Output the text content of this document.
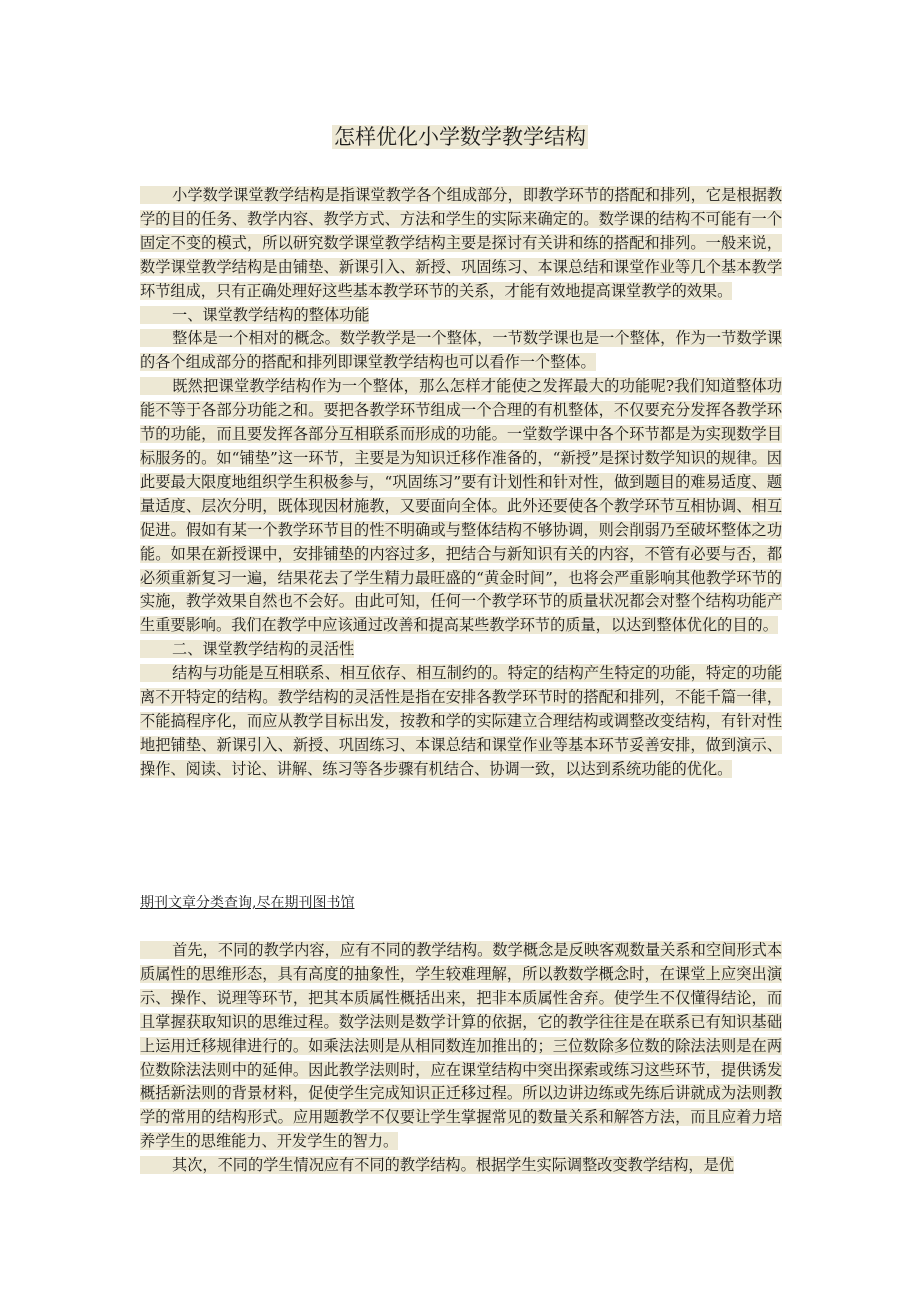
怎样优化小学数学教学结构

小学数学课堂教学结构是指课堂教学各个组成部分，即教学环节的搭配和排列，它是根据教学的目的任务、教学内容、教学方式、方法和学生的实际来确定的。数学课的结构不可能有一个固定不变的模式，所以研究数学课堂教学结构主要是探讨有关讲和练的搭配和排列。一般来说，数学课堂教学结构是由铺垫、新课引入、新授、巩固练习、本课总结和课堂作业等几个基本教学环节组成，只有正确处理好这些基本教学环节的关系，才能有效地提高课堂教学的效果。

一、课堂教学结构的整体功能

整体是一个相对的概念。数学教学是一个整体，一节数学课也是一个整体，作为一节数学课的各个组成部分的搭配和排列即课堂教学结构也可以看作一个整体。

既然把课堂教学结构作为一个整体，那么怎样才能使之发挥最大的功能呢?我们知道整体功能不等于各部分功能之和。要把各教学环节组成一个合理的有机整体，不仅要充分发挥各教学环节的功能，而且要发挥各部分互相联系而形成的功能。一堂数学课中各个环节都是为实现数学目标服务的。如“铺垫”这一环节，主要是为知识迁移作准备的，“新授”是探讨数学知识的规律。因此要最大限度地组织学生积极参与，“巩固练习”要有计划性和针对性，做到题目的难易适度、题量适度、层次分明，既体现因材施教，又要面向全体。此外还要使各个教学环节互相协调、相互促进。假如有某一个教学环节目的性不明确或与整体结构不够协调，则会削弱乃至破坏整体之功能。如果在新授课中，安排铺垫的内容过多，把结合与新知识有关的内容，不管有必要与否，都必须重新复习一遍，结果花去了学生精力最旺盛的“黄金时间”，也将会严重影响其他教学环节的实施，教学效果自然也不会好。由此可知，任何一个教学环节的质量状况都会对整个结构功能产生重要影响。我们在教学中应该通过改善和提高某些教学环节的质量，以达到整体优化的目的。

二、课堂教学结构的灵活性

结构与功能是互相联系、相互依存、相互制约的。特定的结构产生特定的功能，特定的功能离不开特定的结构。教学结构的灵活性是指在安排各教学环节时的搭配和排列，不能千篇一律，不能搞程序化，而应从教学目标出发，按教和学的实际建立合理结构或调整改变结构，有针对性地把铺垫、新课引入、新授、巩固练习、本课总结和课堂作业等基本环节妥善安排，做到演示、操作、阅读、讨论、讲解、练习等各步骤有机结合、协调一致，以达到系统功能的优化。

期刊文章分类查询,尽在期刊图书馆

首先，不同的教学内容，应有不同的教学结构。数学概念是反映客观数量关系和空间形式本质属性的思维形态，具有高度的抽象性，学生较难理解，所以教数学概念时，在课堂上应突出演示、操作、说理等环节，把其本质属性概括出来，把非本质属性舍弃。使学生不仅懂得结论，而且掌握获取知识的思维过程。数学法则是数学计算的依据，它的教学往往是在联系已有知识基础上运用迁移规律进行的。如乘法法则是从相同数连加推出的；三位数除多位数的除法法则是在两位数除法法则中的延伸。因此教学法则时，应在课堂结构中突出探索或练习这些环节，提供诱发概括新法则的背景材料，促使学生完成知识正迁移过程。所以边讲边练或先练后讲就成为法则教学的常用的结构形式。应用题教学不仅要让学生掌握常见的数量关系和解答方法，而且应着力培养学生的思维能力、开发学生的智力。

其次，不同的学生情况应有不同的教学结构。根据学生实际调整改变教学结构，是优
